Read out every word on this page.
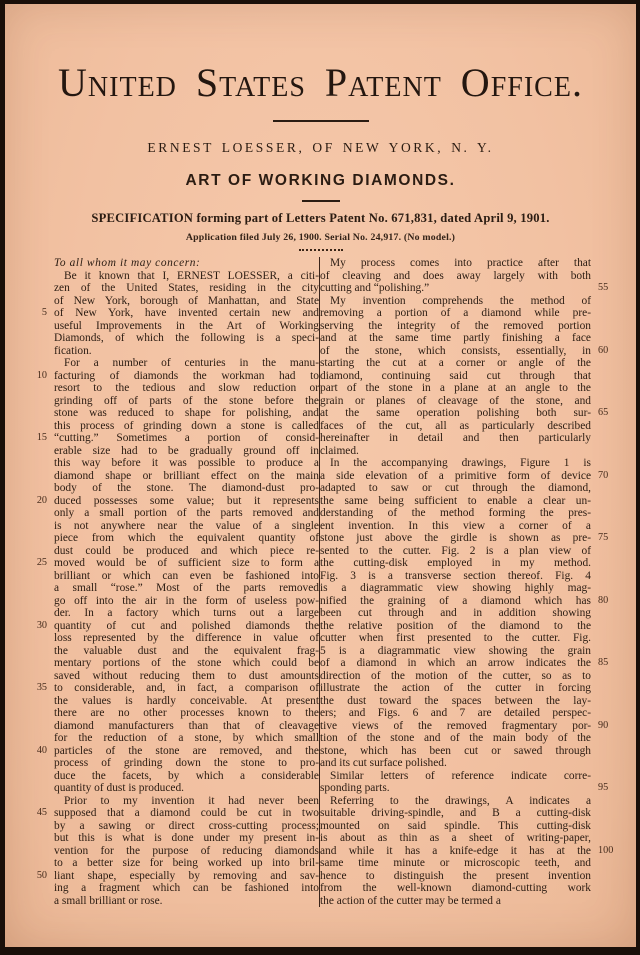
United States Patent Office.
ERNEST LOESSER, OF NEW YORK, N. Y.
ART OF WORKING DIAMONDS.
SPECIFICATION forming part of Letters Patent No. 671,831, dated April 9, 1901.
Application filed July 26, 1900. Serial No. 24,917. (No model.)
To all whom it may concern:
Be it known that I, ERNEST LOESSER, a citi-
zen of the United States, residing in the city
of New York, borough of Manhattan, and State
5 of New York, have invented certain new and
useful Improvements in the Art of Working
Diamonds, of which the following is a speci-
fication.
For a number of centuries in the manu-
10 facturing of diamonds the workman had to
resort to the tedious and slow reduction or
grinding off of parts of the stone before the
stone was reduced to shape for polishing, and
this process of grinding down a stone is called
15 “cutting.” Sometimes a portion of consid-
erable size had to be gradually ground off in
this way before it was possible to produce a
diamond shape or brilliant effect on the main
body of the stone. The diamond-dust pro-
20 duced possesses some value; but it represents
only a small portion of the parts removed and
is not anywhere near the value of a single
piece from which the equivalent quantity of
dust could be produced and which piece re-
25 moved would be of sufficient size to form a
brilliant or which can even be fashioned into
a small “rose.” Most of the parts removed
go off into the air in the form of useless pow-
der. In a factory which turns out a large
30 quantity of cut and polished diamonds the
loss represented by the difference in value of
the valuable dust and the equivalent frag-
mentary portions of the stone which could be
saved without reducing them to dust amounts
35 to considerable, and, in fact, a comparison of
the values is hardly conceivable. At present
there are no other processes known to the
diamond manufacturers than that of cleavage
for the reduction of a stone, by which small
40 particles of the stone are removed, and the
process of grinding down the stone to pro-
duce the facets, by which a considerable
quantity of dust is produced.
Prior to my invention it had never been
45 supposed that a diamond could be cut in two
by a sawing or direct cross-cutting process;
but this is what is done under my present in-
vention for the purpose of reducing diamonds
to a better size for being worked up into bril-
50 liant shape, especially by removing and sav-
ing a fragment which can be fashioned into
a small brilliant or rose.
My process comes into practice after that
of cleaving and does away largely with both
cutting and “polishing.”	55
My invention comprehends the method of
removing a portion of a diamond while pre-
serving the integrity of the removed portion
and at the same time partly finishing a face
of the stone, which consists, essentially, in 60
starting the cut at a corner or angle of the
diamond, continuing said cut through that
part of the stone in a plane at an angle to the
grain or planes of cleavage of the stone, and
at the same operation polishing both sur- 65
faces of the cut, all as particularly described
hereinafter in detail and then particularly
claimed.
In the accompanying drawings, Figure 1 is
a side elevation of a primitive form of device 70
adapted to saw or cut through the diamond,
the same being sufficient to enable a clear un-
derstanding of the method forming the pres-
ent invention. In this view a corner of a
stone just above the girdle is shown as pre- 75
sented to the cutter. Fig. 2 is a plan view of
the cutting-disk employed in my method.
Fig. 3 is a transverse section thereof. Fig. 4
is a diagrammatic view showing highly mag-
nified the graining of a diamond which has 80
been cut through and in addition showing
the relative position of the diamond to the
cutter when first presented to the cutter. Fig.
5 is a diagrammatic view showing the grain
of a diamond in which an arrow indicates the 85
direction of the motion of the cutter, so as to
illustrate the action of the cutter in forcing
the dust toward the spaces between the lay-
ers; and Figs. 6 and 7 are detailed perspec-
tive views of the removed fragmentary por- 90
tion of the stone and of the main body of the
stone, which has been cut or sawed through
and its cut surface polished.
Similar letters of reference indicate corre-
sponding parts.	95
Referring to the drawings, A indicates a
suitable driving-spindle, and B a cutting-disk
mounted on said spindle. This cutting-disk
is about as thin as a sheet of writing-paper,
and while it has a knife-edge it has at the 100
same time minute or microscopic teeth, and
hence to distinguish the present invention
from the well-known diamond-cutting work
the action of the cutter may be termed a
